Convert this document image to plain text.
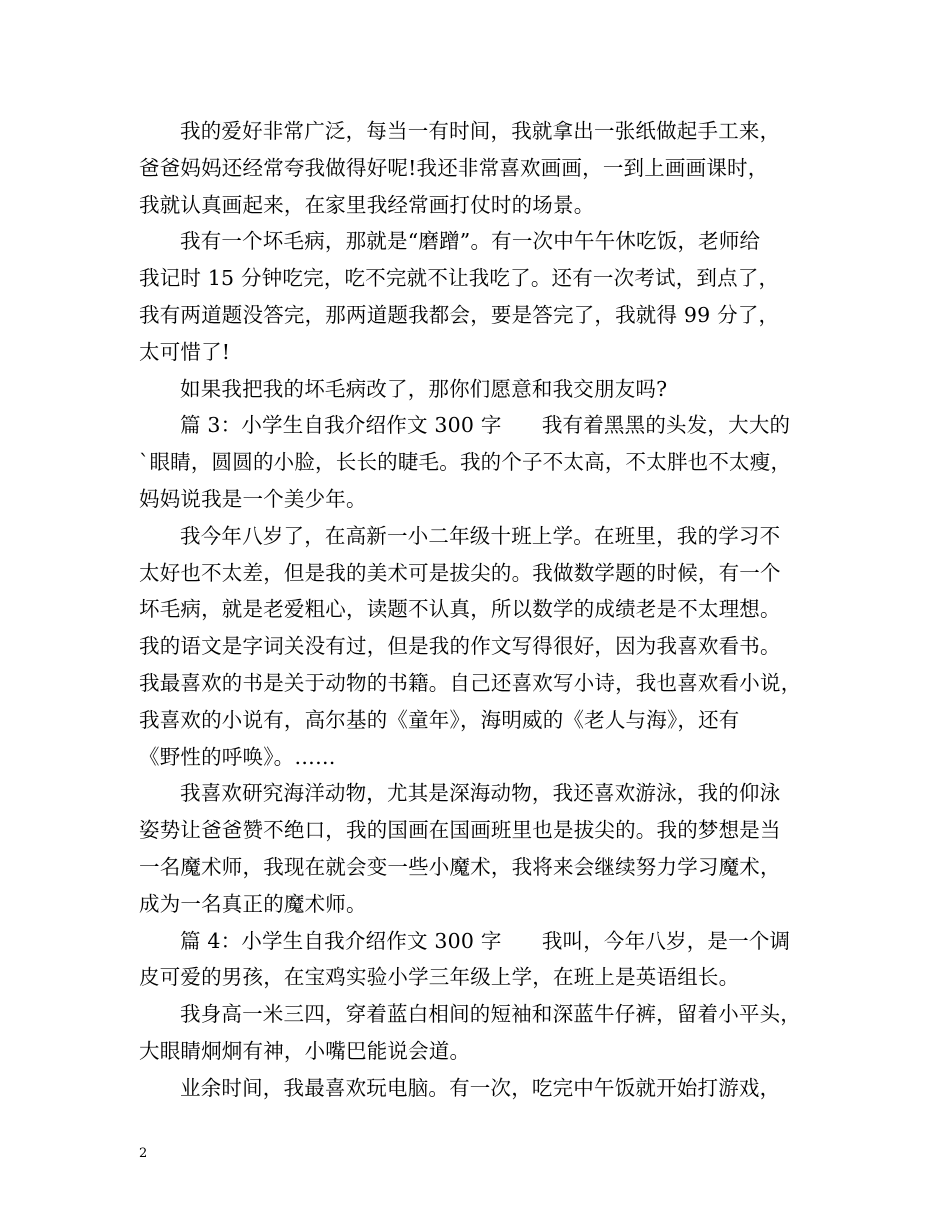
我的爱好非常广泛，每当一有时间，我就拿出一张纸做起手工来，
爸爸妈妈还经常夸我做得好呢!我还非常喜欢画画，一到上画画课时，
我就认真画起来，在家里我经常画打仗时的场景。
我有一个坏毛病，那就是“磨蹭”。有一次中午午休吃饭，老师给
我记时 15 分钟吃完，吃不完就不让我吃了。还有一次考试，到点了，
我有两道题没答完，那两道题我都会，要是答完了，我就得 99 分了，
太可惜了!
如果我把我的坏毛病改了，那你们愿意和我交朋友吗?
篇 3：小学生自我介绍作文 300 字      我有着黑黑的头发，大大的
`眼睛，圆圆的小脸，长长的睫毛。我的个子不太高，不太胖也不太瘦，
妈妈说我是一个美少年。
我今年八岁了，在高新一小二年级十班上学。在班里，我的学习不
太好也不太差，但是我的美术可是拔尖的。我做数学题的时候，有一个
坏毛病，就是老爱粗心，读题不认真，所以数学的成绩老是不太理想。
我的语文是字词关没有过，但是我的作文写得很好，因为我喜欢看书。
我最喜欢的书是关于动物的书籍。自己还喜欢写小诗，我也喜欢看小说，
我喜欢的小说有，高尔基的《童年》，海明威的《老人与海》，还有
《野性的呼唤》。……
我喜欢研究海洋动物，尤其是深海动物，我还喜欢游泳，我的仰泳
姿势让爸爸赞不绝口，我的国画在国画班里也是拔尖的。我的梦想是当
一名魔术师，我现在就会变一些小魔术，我将来会继续努力学习魔术，
成为一名真正的魔术师。
篇 4：小学生自我介绍作文 300 字      我叫，今年八岁，是一个调
皮可爱的男孩，在宝鸡实验小学三年级上学，在班上是英语组长。
我身高一米三四，穿着蓝白相间的短袖和深蓝牛仔裤，留着小平头，
大眼睛炯炯有神，小嘴巴能说会道。
业余时间，我最喜欢玩电脑。有一次，吃完中午饭就开始打游戏，
2
